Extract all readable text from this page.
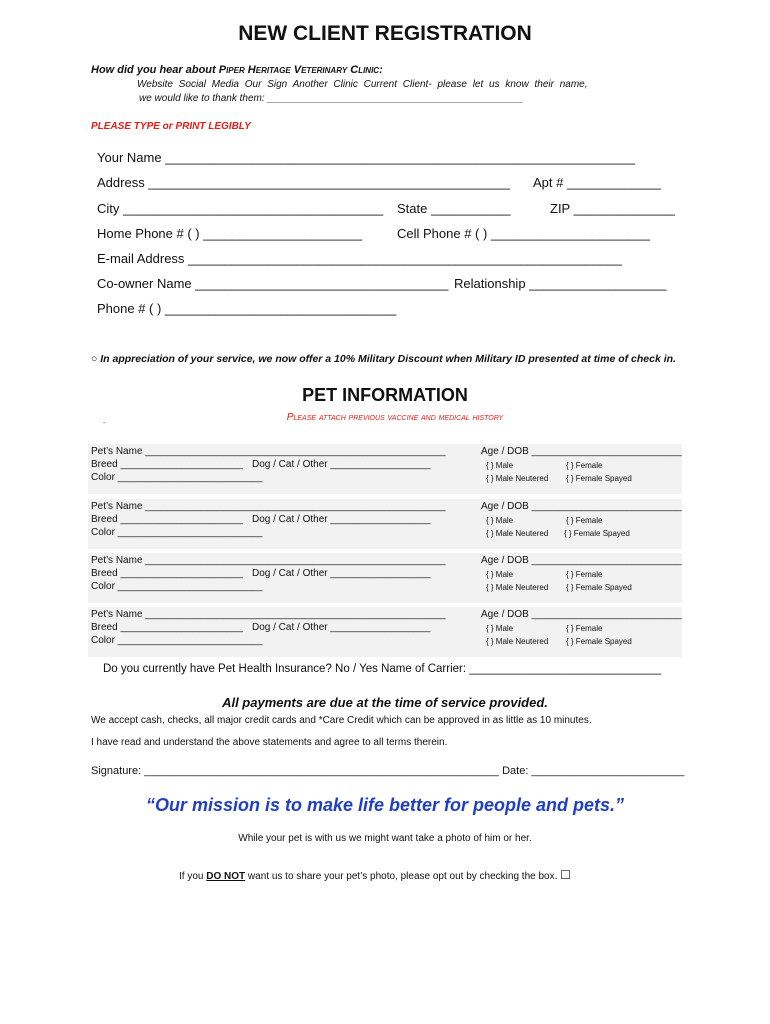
NEW CLIENT REGISTRATION
How did you hear about Piper Heritage Veterinary Clinic:
Website Social Media Our Sign Another Clinic Current Client- please let us know their name,
we would like to thank them: ______________________________________________
PLEASE TYPE or PRINT LEGIBLY
Your Name _________________________________________________________________
Address __________________________________________________ Apt # _____________
City ____________________________________ State ___________	ZIP ______________
Home Phone # ( ) ______________________	Cell Phone # ( ) ______________________
E-mail Address ____________________________________________________________
Co-owner Name ___________________________________ Relationship ___________________
Phone # ( ) ________________________________
○ In appreciation of your service, we now offer a 10% Military Discount when Military ID presented at time of check in.
PET INFORMATION
Please attach previous vaccine and medical history
-
Pet’s Name ______________________________________________________
Breed ______________________ Dog / Cat / Other __________________
Color __________________________
Age / DOB ___________________________
{ } Male	{ } Female
{ } Male Neutered { } Female Spayed
Pet’s Name ______________________________________________________
Breed ______________________ Dog / Cat / Other __________________
Color __________________________
Age / DOB ___________________________
{ } Male	{ } Female
{ } Male Neutered { } Female Spayed
Pet’s Name ______________________________________________________
Breed ______________________ Dog / Cat / Other __________________
Color __________________________
Age / DOB ___________________________
{ } Male	{ } Female
{ } Male Neutered { } Female Spayed
Pet’s Name ______________________________________________________
Breed ______________________ Dog / Cat / Other __________________
Color __________________________
Age / DOB ___________________________
{ } Male	{ } Female
{ } Male Neutered { } Female Spayed
Do you currently have Pet Health Insurance? No / Yes Name of Carrier: ______________________________
All payments are due at the time of service provided.
We accept cash, checks, all major credit cards and *Care Credit which can be approved in as little as 10 minutes.
I have read and understand the above statements and agree to all terms therein.
Signature: __________________________________________________________ Date: _________________________
“Our mission is to make life better for people and pets.”
While your pet is with us we might want take a photo of him or her.
If you DO NOT want us to share your pet’s photo, please opt out by checking the box. ☐
